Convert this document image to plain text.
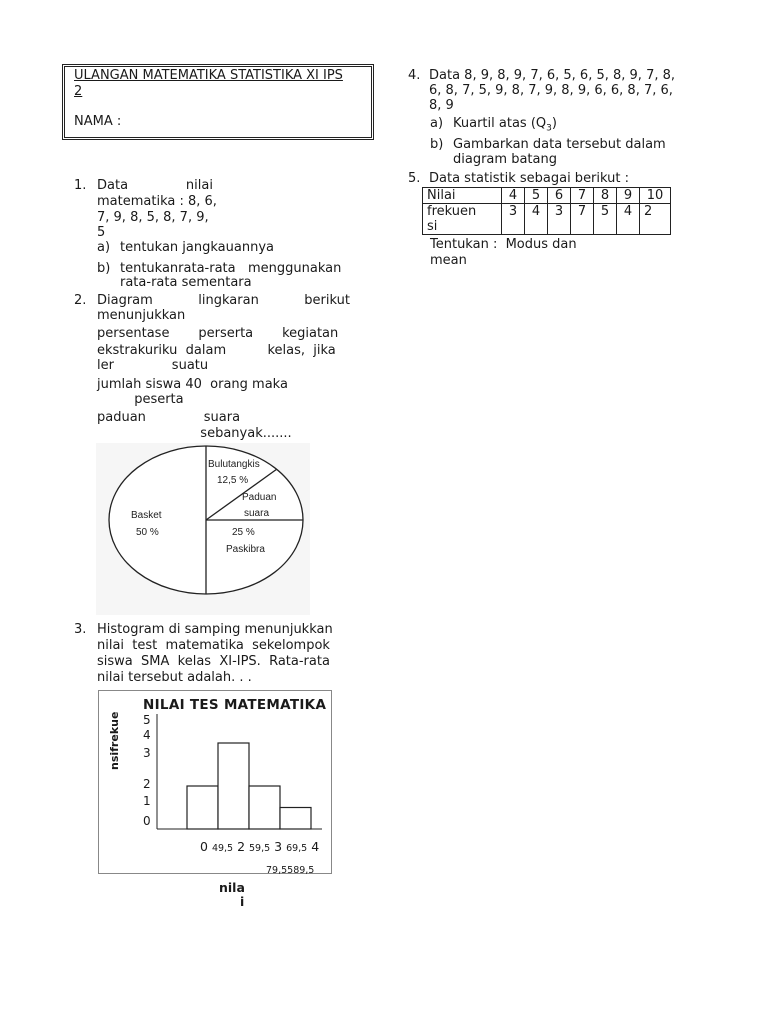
ULANGAN MATEMATIKA STATISTIKA XI IPS
2
NAMA :
1. Data              nilai
matematika : 8, 6,
7, 9, 8, 5, 8, 7, 9,
5
a) tentukan jangkauannya
b) tentukanrata-rata   menggunakan
rata-rata sementara
2. Diagram           lingkaran           berikut
menunjukkan
persentase       perserta       kegiatan
ekstrakuriku  dalam          kelas,  jika
ler              suatu
jumlah siswa 40  orang maka
peserta
paduan              suara
sebanyak.......
Bulutangkis
12,5 %
Paduan
suara
Basket
50 %	25 %
Paskibra
3. Histogram di samping menunjukkan
nilai  test  matematika  sekelompok
siswa  SMA  kelas  XI-IPS.  Rata-rata
nilai tersebut adalah. . .
NILAI TES MATEMATIKA
nsifrekue 5
4
3
2
1
0
0 49,5 2 59,5 3 69,5 4
79,5589,5
nila
i
4. Data 8, 9, 8, 9, 7, 6, 5, 6, 5, 8, 9, 7, 8,
6, 8, 7, 5, 9, 8, 7, 9, 8, 9, 6, 6, 8, 7, 6,
8, 9
a) Kuartil atas $(Q_3)$
b) Gambarkan data tersebut dalam
diagram batang
5. Data statistik sebagai berikut :
Nilai	4	5	6	7	8	9	10
frekuen
si	3	4	3	7	5	4	2
Tentukan :  Modus dan
mean
